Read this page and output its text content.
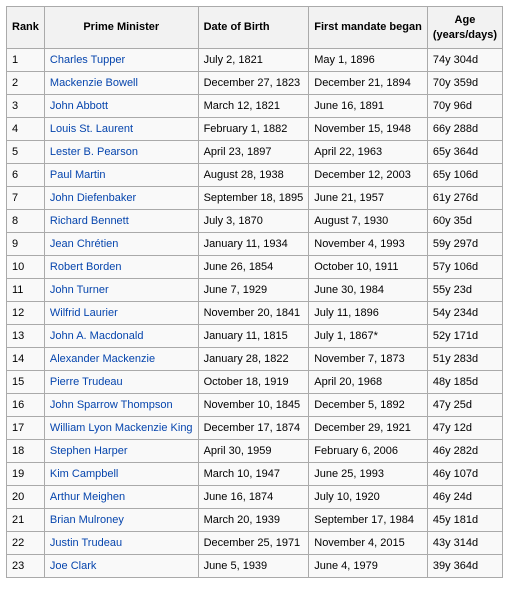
Rank	Prime Minister	Date of Birth	First mandate began	Age
(years/days)

1	Charles Tupper	July 2, 1821	May 1, 1896	74y 304d
2	Mackenzie Bowell	December 27, 1823	December 21, 1894	70y 359d
3	John Abbott	March 12, 1821	June 16, 1891	70y 96d
4	Louis St. Laurent	February 1, 1882	November 15, 1948	66y 288d
5	Lester B. Pearson	April 23, 1897	April 22, 1963	65y 364d
6	Paul Martin	August 28, 1938	December 12, 2003	65y 106d
7	John Diefenbaker	September 18, 1895	June 21, 1957	61y 276d
8	Richard Bennett	July 3, 1870	August 7, 1930	60y 35d
9	Jean Chrétien	January 11, 1934	November 4, 1993	59y 297d
10	Robert Borden	June 26, 1854	October 10, 1911	57y 106d
11	John Turner	June 7, 1929	June 30, 1984	55y 23d
12	Wilfrid Laurier	November 20, 1841	July 11, 1896	54y 234d
13	John A. Macdonald	January 11, 1815	July 1, 1867*	52y 171d
14	Alexander Mackenzie	January 28, 1822	November 7, 1873	51y 283d
15	Pierre Trudeau	October 18, 1919	April 20, 1968	48y 185d
16	John Sparrow Thompson	November 10, 1845	December 5, 1892	47y 25d
17	William Lyon Mackenzie King	December 17, 1874	December 29, 1921	47y 12d
18	Stephen Harper	April 30, 1959	February 6, 2006	46y 282d
19	Kim Campbell	March 10, 1947	June 25, 1993	46y 107d
20	Arthur Meighen	June 16, 1874	July 10, 1920	46y 24d
21	Brian Mulroney	March 20, 1939	September 17, 1984	45y 181d
22	Justin Trudeau	December 25, 1971	November 4, 2015	43y 314d
23	Joe Clark	June 5, 1939	June 4, 1979	39y 364d
